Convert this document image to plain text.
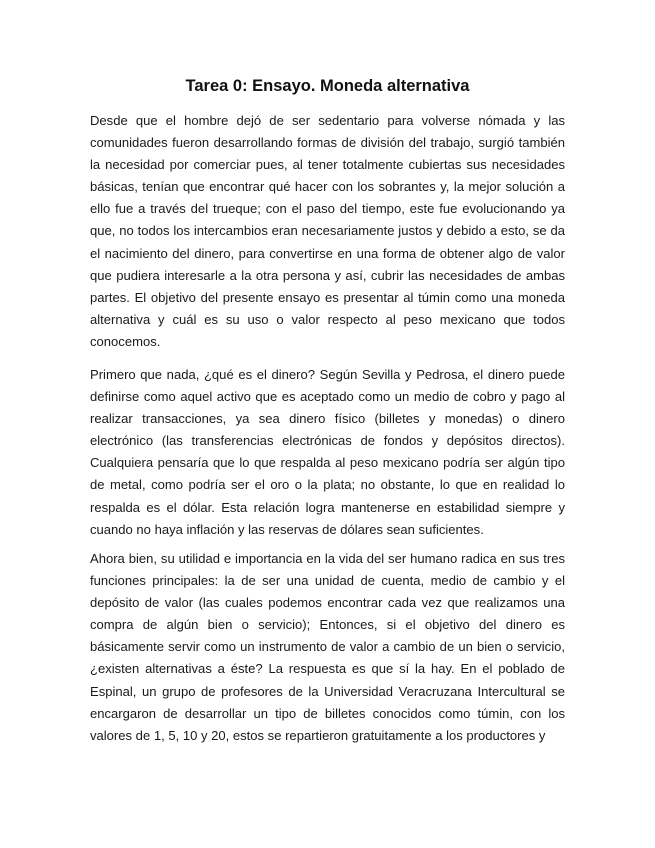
Tarea 0: Ensayo. Moneda alternativa

Desde que el hombre dejó de ser sedentario para volverse nómada y las comunidades fueron desarrollando formas de división del trabajo, surgió también la necesidad por comerciar pues, al tener totalmente cubiertas sus necesidades básicas, tenían que encontrar qué hacer con los sobrantes y, la mejor solución a ello fue a través del trueque; con el paso del tiempo, este fue evolucionando ya que, no todos los intercambios eran necesariamente justos y debido a esto, se da el nacimiento del dinero, para convertirse en una forma de obtener algo de valor que pudiera interesarle a la otra persona y así, cubrir las necesidades de ambas partes. El objetivo del presente ensayo es presentar al túmin como una moneda alternativa y cuál es su uso o valor respecto al peso mexicano que todos conocemos.

Primero que nada, ¿qué es el dinero? Según Sevilla y Pedrosa, el dinero puede definirse como aquel activo que es aceptado como un medio de cobro y pago al realizar transacciones, ya sea dinero físico (billetes y monedas) o dinero electrónico (las transferencias electrónicas de fondos y depósitos directos). Cualquiera pensaría que lo que respalda al peso mexicano podría ser algún tipo de metal, como podría ser el oro o la plata; no obstante, lo que en realidad lo respalda es el dólar. Esta relación logra mantenerse en estabilidad siempre y cuando no haya inflación y las reservas de dólares sean suficientes.

Ahora bien, su utilidad e importancia en la vida del ser humano radica en sus tres funciones principales: la de ser una unidad de cuenta, medio de cambio y el depósito de valor (las cuales podemos encontrar cada vez que realizamos una compra de algún bien o servicio); Entonces, si el objetivo del dinero es básicamente servir como un instrumento de valor a cambio de un bien o servicio, ¿existen alternativas a éste? La respuesta es que sí la hay. En el poblado de Espinal, un grupo de profesores de la Universidad Veracruzana Intercultural se encargaron de desarrollar un tipo de billetes conocidos como túmin, con los valores de 1, 5, 10 y 20, estos se repartieron gratuitamente a los productores y
